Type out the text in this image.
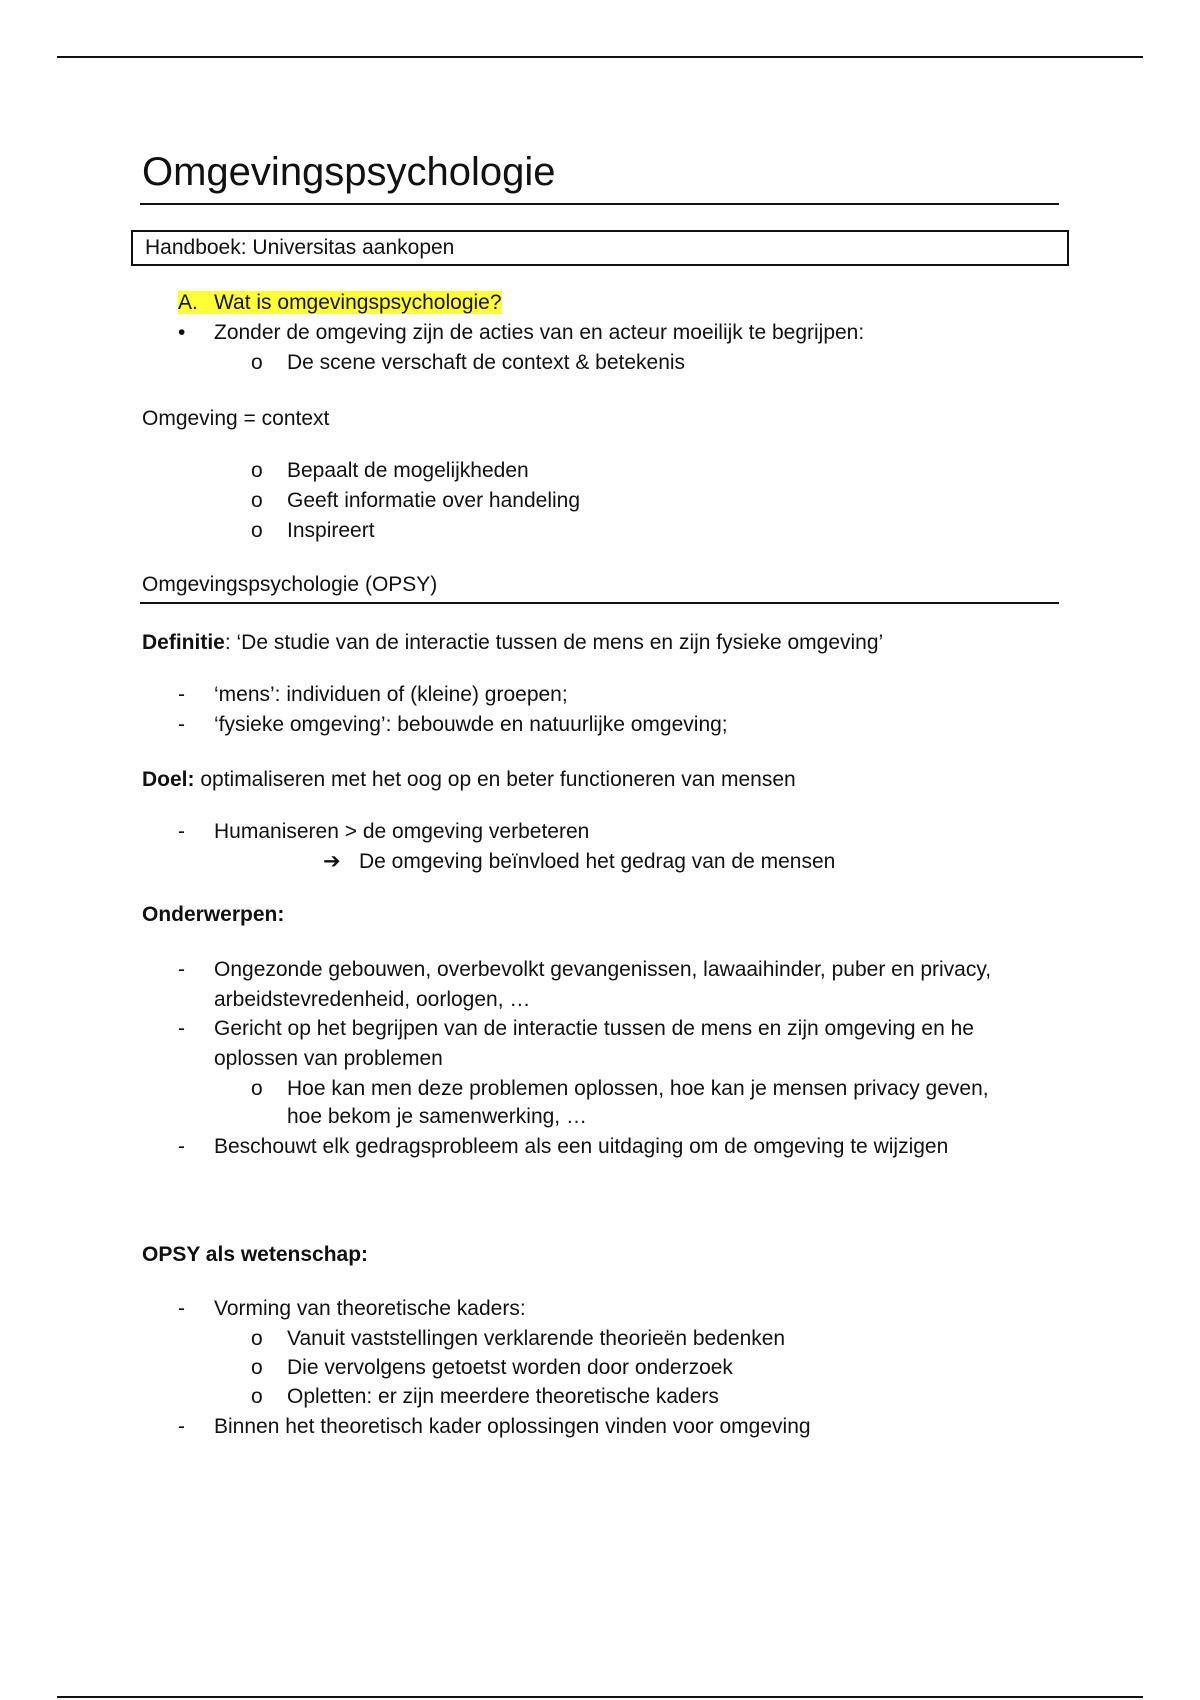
Omgevingspsychologie
Handboek: Universitas aankopen
A. Wat is omgevingspsychologie?
• Zonder de omgeving zijn de acties van en acteur moeilijk te begrijpen:
o De scene verschaft de context & betekenis
Omgeving = context
o Bepaalt de mogelijkheden
o Geeft informatie over handeling
o Inspireert
Omgevingspsychologie (OPSY)
Definitie: ‘De studie van de interactie tussen de mens en zijn fysieke omgeving’
- ‘mens’: individuen of (kleine) groepen;
- ‘fysieke omgeving’: bebouwde en natuurlijke omgeving;
Doel: optimaliseren met het oog op en beter functioneren van mensen
- Humaniseren > de omgeving verbeteren
➔ De omgeving beïnvloed het gedrag van de mensen
Onderwerpen:
- Ongezonde gebouwen, overbevolkt gevangenissen, lawaaihinder, puber en privacy,
arbeidstevredenheid, oorlogen, …
- Gericht op het begrijpen van de interactie tussen de mens en zijn omgeving en he
oplossen van problemen
o Hoe kan men deze problemen oplossen, hoe kan je mensen privacy geven,
hoe bekom je samenwerking, …
- Beschouwt elk gedragsprobleem als een uitdaging om de omgeving te wijzigen
OPSY als wetenschap:
- Vorming van theoretische kaders:
o Vanuit vaststellingen verklarende theorieën bedenken
o Die vervolgens getoetst worden door onderzoek
o Opletten: er zijn meerdere theoretische kaders
- Binnen het theoretisch kader oplossingen vinden voor omgeving
